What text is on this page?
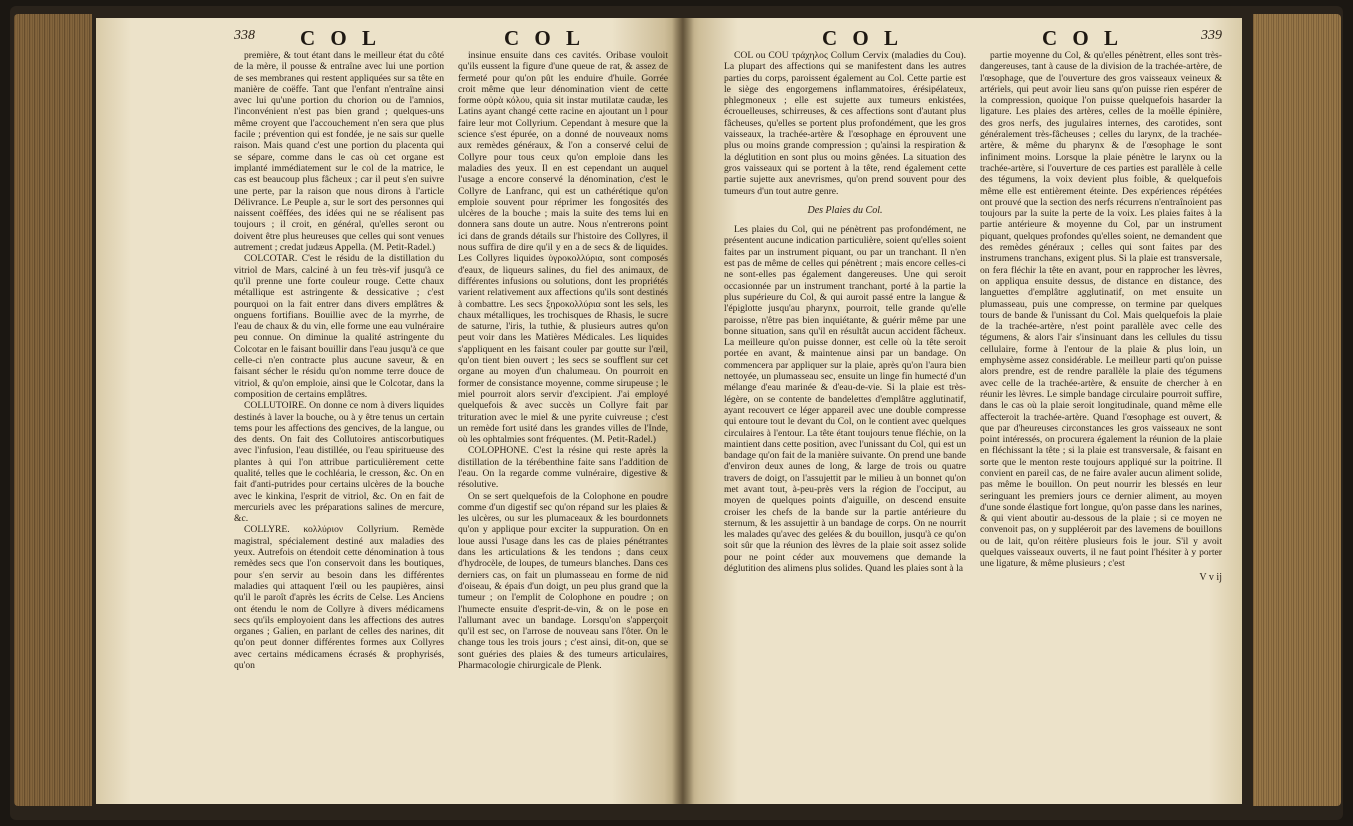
338 C O L	C O L

première, & tout étant dans le meilleur état du côté de la mère, il pousse & entraîne avec lui une portion de ses membranes qui restent appliquées sur sa tête en manière de coëffe. Tant que l'enfant n'entraîne ainsi avec lui qu'une portion du chorion ou de l'amnios, l'inconvénient n'est pas bien grand ; quelques-uns même croyent que l'accouchement n'en sera que plus facile ; prévention qui est fondée, je ne sais sur quelle raison. Mais quand c'est une portion du placenta qui se sépare, comme dans le cas où cet organe est implanté immédiatement sur le col de la matrice, le cas est beaucoup plus fâcheux ; car il peut s'en suivre une perte, par la raison que nous dirons à l'article Délivrance. Le Peuple a, sur le sort des personnes qui naissent coëffées, des idées qui ne se réalisent pas toujours ; il croit, en général, qu'elles seront ou doivent être plus heureuses que celles qui sont venues autrement ; credat judæus Appella. (M. Petit-Radel.)

COLCOTAR. C'est le résidu de la distillation du vitriol de Mars, calciné à un feu très-vif jusqu'à ce qu'il prenne une forte couleur rouge. Cette chaux métallique est astringente & dessicative ; c'est pourquoi on la fait entrer dans divers emplâtres & onguens fortifians. Bouillie avec de la myrrhe, de l'eau de chaux & du vin, elle forme une eau vulnéraire peu connue. On diminue la qualité astringente du Colcotar en le faisant bouillir dans l'eau jusqu'à ce que celle-ci n'en contracte plus aucune saveur, & en faisant sécher le résidu qu'on nomme terre douce de vitriol, & qu'on emploie, ainsi que le Colcotar, dans la composition de certains emplâtres.

COLLUTOIRE. On donne ce nom à divers liquides destinés à laver la bouche, ou à y être tenus un certain tems pour les affections des gencives, de la langue, ou des dents. On fait des Collutoires antiscorbutiques avec l'infusion, l'eau distillée, ou l'eau spiritueuse des plantes à qui l'on attribue particulièrement cette qualité, telles que le cochléaria, le cresson, &c. On en fait d'anti-putrides pour certains ulcères de la bouche avec le kinkina, l'esprit de vitriol, &c. On en fait de mercuriels avec les préparations salines de mercure, &c.

COLLYRE. κολλύριον Collyrium. Remède magistral, spécialement destiné aux maladies des yeux. Autrefois on étendoit cette dénomination à tous remèdes secs que l'on conservoit dans les boutiques, pour s'en servir au besoin dans les différentes maladies qui attaquent l'œil ou les paupières, ainsi qu'il le paroît d'après les écrits de Celse. Les Anciens ont étendu le nom de Collyre à divers médicamens secs qu'ils employoient dans les affections des autres organes ; Galien, en parlant de celles des narines, dit qu'on peut donner différentes formes aux Collyres avec certains médicamens écrasés & prophyrisés, qu'on

insinue ensuite dans ces cavités. Oribase vouloit qu'ils eussent la figure d'une queue de rat, & assez de fermeté pour qu'on pût les enduire d'huile. Gorrée croit même que leur dénomination vient de cette forme οὐρὰ κόλου, quia sit instar mutilatæ caudæ, les Latins ayant changé cette racine en ajoutant un l pour faire leur mot Collyrium. Cependant à mesure que la science s'est épurée, on a donné de nouveaux noms aux remèdes généraux, & l'on a conservé celui de Collyre pour tous ceux qu'on emploie dans les maladies des yeux. Il en est cependant un auquel l'usage a encore conservé la dénomination, c'est le Collyre de Lanfranc, qui est un cathérétique qu'on emploie souvent pour réprimer les fongosités des ulcères de la bouche ; mais la suite des tems lui en donnera sans doute un autre. Nous n'entrerons point ici dans de grands détails sur l'histoire des Collyres, il nous suffira de dire qu'il y en a de secs & de liquides. Les Collyres liquides ὑγροκολλύρια, sont composés d'eaux, de liqueurs salines, du fiel des animaux, de différentes infusions ou solutions, dont les propriétés varient relativement aux affections qu'ils sont destinés à combattre. Les secs ξηροκολλύρια sont les sels, les chaux métalliques, les trochisques de Rhasis, le sucre de saturne, l'iris, la tuthie, & plusieurs autres qu'on peut voir dans les Matières Médicales. Les liquides s'appliquent en les faisant couler par goutte sur l'œil, qu'on tient bien ouvert ; les secs se soufflent sur cet organe au moyen d'un chalumeau. On pourroit en former de consistance moyenne, comme sirupeuse ; le miel pourroit alors servir d'excipient. J'ai employé quelquefois & avec succès un Collyre fait par trituration avec le miel & une pyrite cuivreuse ; c'est un remède fort usité dans les grandes villes de l'Inde, où les ophtalmies sont fréquentes. (M. Petit-Radel.)

COLOPHONE. C'est la résine qui reste après la distillation de la térébenthine faite sans l'addition de l'eau. On la regarde comme vulnéraire, digestive & résolutive.

On se sert quelquefois de la Colophone en poudre comme d'un digestif sec qu'on répand sur les plaies & les ulcères, ou sur les plumaceaux & les bourdonnets qu'on y applique pour exciter la suppuration. On en loue aussi l'usage dans les cas de plaies pénétrantes dans les articulations & les tendons ; dans ceux d'hydrocèle, de loupes, de tumeurs blanches. Dans ces derniers cas, on fait un plumasseau en forme de nid d'oiseau, & épais d'un doigt, un peu plus grand que la tumeur ; on l'emplit de Colophone en poudre ; on l'humecte ensuite d'esprit-de-vin, & on le pose en l'allumant avec un bandage. Lorsqu'on s'apperçoit qu'il est sec, on l'arrose de nouveau sans l'ôter. On le change tous les trois jours ; c'est ainsi, dit-on, que se sont guéries des plaies & des tumeurs articulaires, Pharmacologie chirurgicale de Plenk.

C O L	C O L	339

COL ou COU τράχηλος Collum Cervix (maladies du Cou). La plupart des affections qui se manifestent dans les autres parties du corps, paroissent également au Col. Cette partie est le siège des engorgemens inflammatoires, érésipélateux, phlegmoneux ; elle est sujette aux tumeurs enkistées, écrouelleuses, schirreuses, & ces affections sont d'autant plus fâcheuses, qu'elles se portent plus profondément, que les gros vaisseaux, la trachée-artère & l'œsophage en éprouvent une plus ou moins grande compression ; qu'ainsi la respiration & la déglutition en sont plus ou moins gênées. La situation des gros vaisseaux qui se portent à la tête, rend également cette partie sujette aux anevrismes, qu'on prend souvent pour des tumeurs d'un tout autre genre.

Des Plaies du Col.

Les plaies du Col, qui ne pénètrent pas profondément, ne présentent aucune indication particulière, soient qu'elles soient faites par un instrument piquant, ou par un tranchant. Il n'en est pas de même de celles qui pénètrent ; mais encore celles-ci ne sont-elles pas également dangereuses. Une qui seroit occasionnée par un instrument tranchant, porté à la partie la plus supérieure du Col, & qui auroit passé entre la langue & l'épiglotte jusqu'au pharynx, pourroit, telle grande qu'elle paroisse, n'être pas bien inquiétante, & guérir même par une bonne situation, sans qu'il en résultât aucun accident fâcheux. La meilleure qu'on puisse donner, est celle où la tête seroit portée en avant, & maintenue ainsi par un bandage. On commencera par appliquer sur la plaie, après qu'on l'aura bien nettoyée, un plumasseau sec, ensuite un linge fin humecté d'un mélange d'eau marinée & d'eau-de-vie. Si la plaie est très-légère, on se contente de bandelettes d'emplâtre agglutinatif, ayant recouvert ce léger appareil avec une double compresse qui entoure tout le devant du Col, on le contient avec quelques circulaires à l'entour. La tête étant toujours tenue fléchie, on la maintient dans cette position, avec l'unissant du Col, qui est un bandage qu'on fait de la manière suivante. On prend une bande d'environ deux aunes de long, & large de trois ou quatre travers de doigt, on l'assujettit par le milieu à un bonnet qu'on met avant tout, à-peu-près vers la région de l'occiput, au moyen de quelques points d'aiguille, on descend ensuite croiser les chefs de la bande sur la partie antérieure du sternum, & les assujettir à un bandage de corps. On ne nourrit les malades qu'avec des gelées & du bouillon, jusqu'à ce qu'on soit sûr que la réunion des lèvres de la plaie soit assez solide pour ne point céder aux mouvemens que demande la déglutition des alimens plus solides. Quand les plaies sont à la

partie moyenne du Col, & qu'elles pénètrent, elles sont très-dangereuses, tant à cause de la division de la trachée-artère, de l'œsophage, que de l'ouverture des gros vaisseaux veineux & artériels, qui peut avoir lieu sans qu'on puisse rien espérer de la compression, quoique l'on puisse quelquefois hasarder la ligature. Les plaies des artères, celles de la moëlle épinière, des gros nerfs, des jugulaires internes, des carotides, sont généralement très-fâcheuses ; celles du larynx, de la trachée-artère, & même du pharynx & de l'œsophage le sont infiniment moins. Lorsque la plaie pénètre le larynx ou la trachée-artère, si l'ouverture de ces parties est parallèle à celle des tégumens, la voix devient plus foible, & quelquefois même elle est entièrement éteinte. Des expériences répétées ont prouvé que la section des nerfs récurrens n'entraînoient pas toujours par la suite la perte de la voix. Les plaies faites à la partie antérieure & moyenne du Col, par un instrument piquant, quelques profondes qu'elles soient, ne demandent que des remèdes généraux ; celles qui sont faites par des instrumens tranchans, exigent plus. Si la plaie est transversale, on fera fléchir la tête en avant, pour en rapprocher les lèvres, on appliqua ensuite dessus, de distance en distance, des languettes d'emplâtre agglutinatif, on met ensuite un plumasseau, puis une compresse, on termine par quelques tours de bande & l'unissant du Col. Mais quelquefois la plaie de la trachée-artère, n'est point parallèle avec celle des tégumens, & alors l'air s'insinuant dans les cellules du tissu cellulaire, forme à l'entour de la plaie & plus loin, un emphysème assez considérable. Le meilleur parti qu'on puisse alors prendre, est de rendre parallèle la plaie des tégumens avec celle de la trachée-artère, & ensuite de chercher à en réunir les lèvres. Le simple bandage circulaire pourroit suffire, dans le cas où la plaie seroit longitudinale, quand même elle affecteroit la trachée-artère. Quand l'œsophage est ouvert, & que par d'heureuses circonstances les gros vaisseaux ne sont point intéressés, on procurera également la réunion de la plaie en fléchissant la tête ; si la plaie est transversale, & faisant en sorte que le menton reste toujours appliqué sur la poitrine. Il convient en pareil cas, de ne faire avaler aucun aliment solide, pas même le bouillon. On peut nourrir les blessés en leur seringuant les premiers jours ce dernier aliment, au moyen d'une sonde élastique fort longue, qu'on passe dans les narines, & qui vient aboutir au-dessous de la plaie ; si ce moyen ne convenoit pas, on y suppléeroit par des lavemens de bouillons ou de lait, qu'on réitère plusieurs fois le jour. S'il y avoit quelques vaisseaux ouverts, il ne faut point l'hésiter à y porter une ligature, & même plusieurs ; c'est

V v ij
